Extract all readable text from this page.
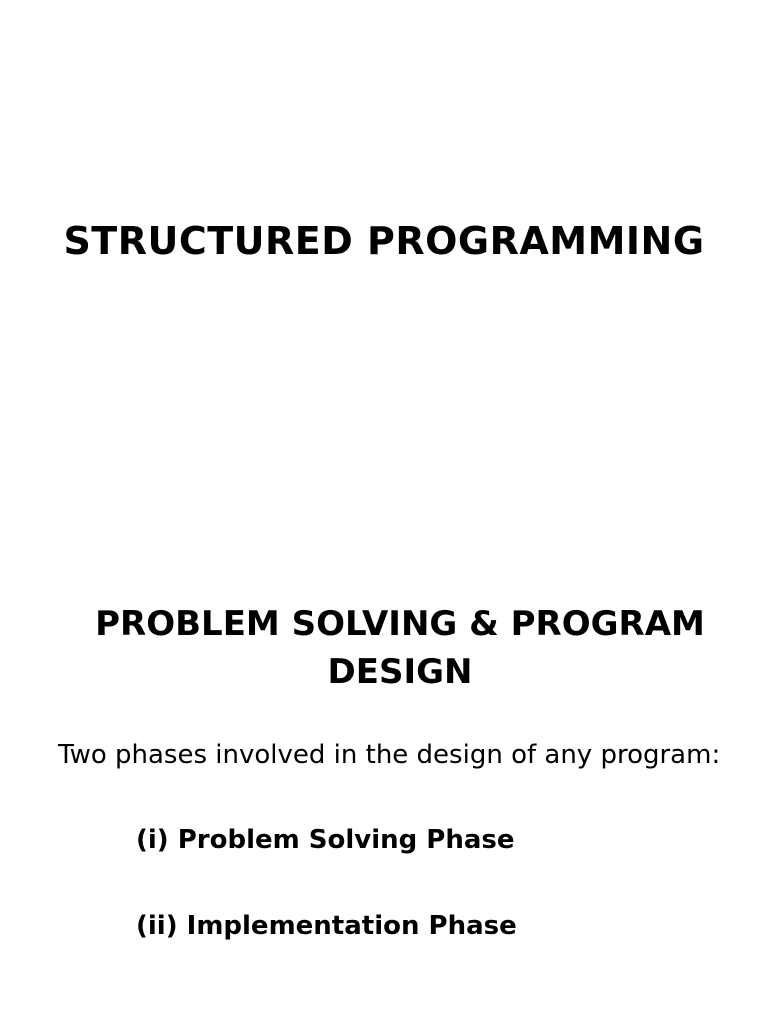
STRUCTURED PROGRAMMING
PROBLEM SOLVING & PROGRAM DESIGN

Two phases involved in the design of any program:

(i) Problem Solving Phase
(ii) Implementation Phase
